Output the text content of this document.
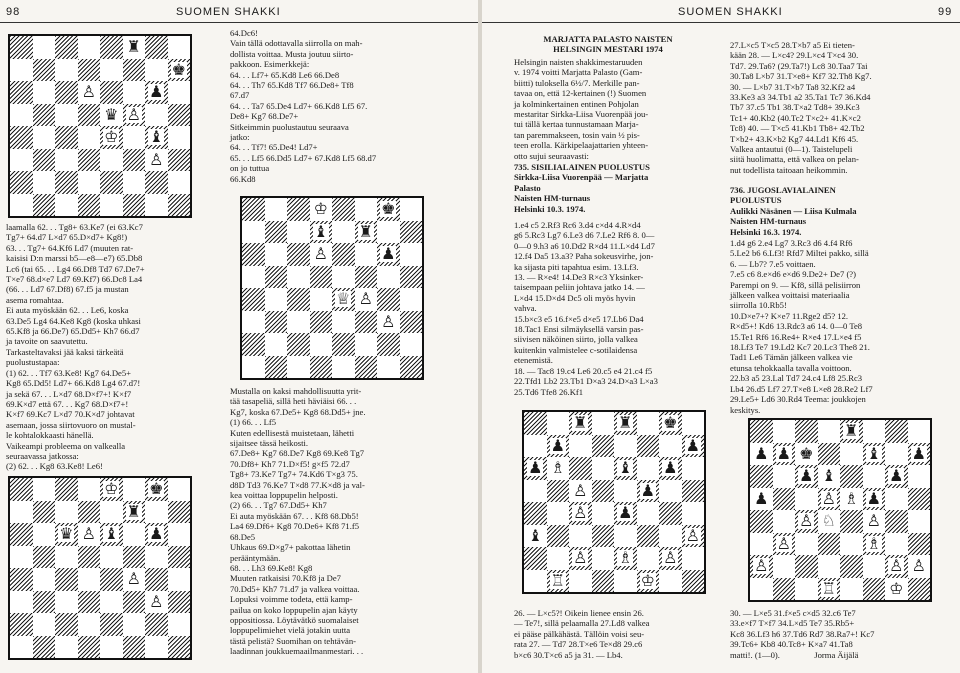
98	SUOMEN SHAKKI
♜
♚
♙	♟
♛ ♙
♔ ♝
♙

laamalla 62. . . Tg8+ 63.Ke7 (ei 63.Kc7

Tg7+ 64.d7 L×d7 65.D×d7+ Kg8!)

63. . . Tg7+ 64.Kf6 Ld7 (muuten rat-

kaisisi D:n marssi b5—e8—e7) 65.Db8

Lc6 (tai 65. . . Lg4 66.Df8 Td7 67.De7+

T×e7 68.d×e7 Ld7 69.Kf7) 66.Dc8 La4

(66. . . Ld7 67.Df8) 67.f5 ja mustan

asema romahtaa.

Ei auta myöskään 62. . . Le6, koska

63.De5 Lg4 64.Ke8 Kg8 (koska uhkasi

65.Kf8 ja 66.De7) 65.Dd5+ Kh7 66.d7

ja tavoite on saavutettu.

Tarkasteltavaksi jää kaksi tärkeätä

puolustustapaa:

(1) 62. . . Tf7 63.Ke8! Kg7 64.De5+

Kg8 65.Dd5! Ld7+ 66.Kd8 Lg4 67.d7!

ja sekä 67. . . L×d7 68.D×f7+! K×f7

69.K×d7 että 67. . . Kg7 68.D×f7+!

K×f7 69.Kc7 L×d7 70.K×d7 johtavat

asemaan, jossa siirtovuoro on mustal-

le kohtalokkaasti hänellä.

Vaikeampi probleema on valkealla

seuraavassa jatkossa:

(2) 62. . . Kg8 63.Ke8! Le6!

♔ ♚
♜
♛ ♙ ♝ ♟
♙
♙

64.Dc6!

Vain tällä odottavalla siirrolla on mah-

dollista voittaa. Musta joutuu siirto-

pakkoon. Esimerkkejä:

64. . . Lf7+ 65.Kd8 Le6 66.De8

64. . . Th7 65.Kd8 Tf7 66.De8+ Tf8

67.d7

64. . . Ta7 65.De4 Ld7+ 66.Kd8 Lf5 67.

De8+ Kg7 68.De7+

Sitkeimmin puolustautuu seuraava

jatko:

64. . . Tf7! 65.De4! Ld7+

65. . . Lf5 66.Dd5 Ld7+ 67.Kd8 Lf5 68.d7

on jo tuttua

66.Kd8

♔	♚
♝ ♜
♙	♟
♕ ♙
♙

Mustalla on kaksi mahdollisuutta yrit-

tää tasapeliä, sillä heti häviäisi 66. . .

Kg7, koska 67.De5+ Kg8 68.Dd5+ jne.

(1) 66. . . Lf5

Kuten edellisestä muistetaan, lähetti

sijaitsee tässä heikosti.

67.De8+ Kg7 68.De7 Kg8 69.Ke8 Tg7

70.Df8+ Kh7 71.D×f5! g×f5 72.d7

Tg8+ 73.Ke7 Tg7+ 74.Kd6 T×g3 75.

d8D Td3 76.Ke7 T×d8 77.K×d8 ja val-

kea voittaa loppupelin helposti.

(2) 66. . . Tg7 67.Dd5+ Kh7

Ei auta myöskään 67. . . Kf8 68.Db5!

La4 69.Df6+ Kg8 70.De6+ Kf8 71.f5

68.De5

Uhkaus 69.D×g7+ pakottaa lähetin

perääntymään.

68. . . Lh3 69.Ke8! Kg8

Muuten ratkaisisi 70.Kf8 ja De7

70.Dd5+ Kh7 71.d7 ja valkea voittaa.

Lopuksi voimme todeta, että kamp-

pailua on koko loppupelin ajan käyty

oppositiossa. Löytävätkö suomalaiset

loppupelimiehet vielä jotakin uutta

tästä pelistä? Suomihan on tehtävän-

laadinnan joukkuemaailmanmestari. . .

SUOMEN SHAKKI	99
MARJATTA PALASTO NAISTEN HELSINGIN MESTARI 1974

Helsingin naisten shakkimestaruuden

v. 1974 voitti Marjatta Palasto (Gam-

biitti) tuloksella 6½/7. Merkille pan-

tavaa on, että 12-kertainen (!) Suomen

ja kolminkertainen entinen Pohjolan

mestaritar Sirkka-Liisa Vuorenpää jou-

tui tällä kertaa tunnustamaan Marja-

tan paremmakseen, tosin vain ½ pis-

teen erolla. Kärkipelaajattarien yhteen-

otto sujui seuraavasti:

735. SISILIALAINEN PUOLUSTUS

Sirkka-Liisa Vuorenpää — Marjatta

Palasto

Naisten HM-turnaus

Helsinki 10.3. 1974.

1.e4 c5 2.Rf3 Rc6 3.d4 c×d4 4.R×d4

g6 5.Rc3 Lg7 6.Le3 d6 7.Le2 Rf6 8. 0—

0—0 9.h3 a6 10.Dd2 R×d4 11.L×d4 Ld7

12.f4 Da5 13.a3? Paha sokeusvirhe, jon-

ka sijasta piti tapahtua esim. 13.Lf3.

13. — R×e4! 14.De3 R×c3 Yksinker-

taisempaan peliin johtava jatko 14. —

L×d4 15.D×d4 Dc5 oli myös hyvin

vahva.

15.b×c3 e5 16.f×e5 d×e5 17.Lb6 Da4

18.Tac1 Ensi silmäyksellä varsin pas-

siivisen näköinen siirto, jolla valkea

kuitenkin valmistelee c-sotilaidensa

etenemistä.

18. — Tac8 19.c4 Le6 20.c5 e4 21.c4 f5

22.Tfd1 Lb2 23.Tb1 D×a3 24.D×a3 L×a3

25.Td6 Tfe8 26.Kf1

♜ ♜ ♚
♟	♟
♟ ♗	♝ ♟
♙	♟
♙ ♟
♝	♙
♙ ♗ ♙
♖	♔

26. — L×c5?! Oikein lienee ensin 26.

— Te7!, sillä pelaamalla 27.Ld8 valkea

ei pääse pälkähästä. Tällöin voisi seu-

rata 27. — Td7 28.T×e6 Te×d8 29.c6

b×c6 30.T×c6 a5 ja 31. — Lb4.

27.L×c5 T×c5 28.T×b7 a5 Ei tieten-

kään 28. — L×c4? 29.L×c4 T×c4 30.

Td7. 29.Ta6? (29.Ta7!) Lc8 30.Taa7 Tai

30.Ta8 L×b7 31.T×e8+ Kf7 32.Th8 Kg7.

30. — L×b7 31.T×b7 Ta8 32.Kf2 a4

33.Ke3 a3 34.Tb1 a2 35.Ta1 Tc7 36.Kd4

Tb7 37.c5 Tb1 38.T×a2 Td8+ 39.Kc3

Tc1+ 40.Kb2 (40.Tc2 T×c2+ 41.K×c2

Tc8) 40. — T×c5 41.Kb1 Tb8+ 42.Tb2

T×b2+ 43.K×b2 Kg7 44.Ld1 Kf6 45.

Valkea antautui (0—1). Taistelupeli

siitä huolimatta, että valkea on pelan-

nut todellista taitoaan heikommin.

736. JUGOSLAVIALAINEN

PUOLUSTUS

Aulikki Näsänen — Liisa Kulmala

Naisten HM-turnaus

Helsinki 16.3. 1974.

1.d4 g6 2.e4 Lg7 3.Rc3 d6 4.f4 Rf6

5.Le2 b6 6.Lf3! Rfd7 Miltei pakko, sillä

6. — Lb7? 7.e5 voittaen.

7.e5 c6 8.e×d6 e×d6 9.De2+ De7 (?)

Parempi on 9. — Kf8, sillä pelisiirron

jälkeen valkea voittaisi materiaalia

siirrolla 10.Rb5!

10.D×e7+? K×e7 11.Rge2 d5? 12.

R×d5+! Kd6 13.Rdc3 a6 14. 0—0 Te8

15.Te1 Rf6 16.Re4+ R×e4 17.L×e4 f5

18.Lf3 Te7 19.Ld2 Kc7 20.Lc3 The8 21.

Tad1 Le6 Tämän jälkeen valkea vie

etunsa tehokkaalla tavalla voittoon.

22.b3 a5 23.Lal Td7 24.c4 Lf8 25.Rc3

Lb4 26.d5 Lf7 27.T×e8 L×e8 28.Re2 Lf7

29.Le5+ Ld6 30.Rd4 Teema: joukkojen

keskitys.

♜
♟ ♟ ♚	♝ ♟
♟ ♝	♟
♟	♙ ♗ ♟
♙ ♘ ♙
♙	♗
♙	♙ ♙
♖	♔

30. — L×e5 31.f×e5 c×d5 32.c6 Te7

33.e×f7 T×f7 34.L×d5 Te7 35.Rb5+

Kc8 36.Lf3 h6 37.Td6 Rd7 38.Ra7+! Kc7

39.Tc6+ Kb8 40.Tc8+ K×a7 41.Ta8

matti!. (1—0).                Jorma Äijälä
